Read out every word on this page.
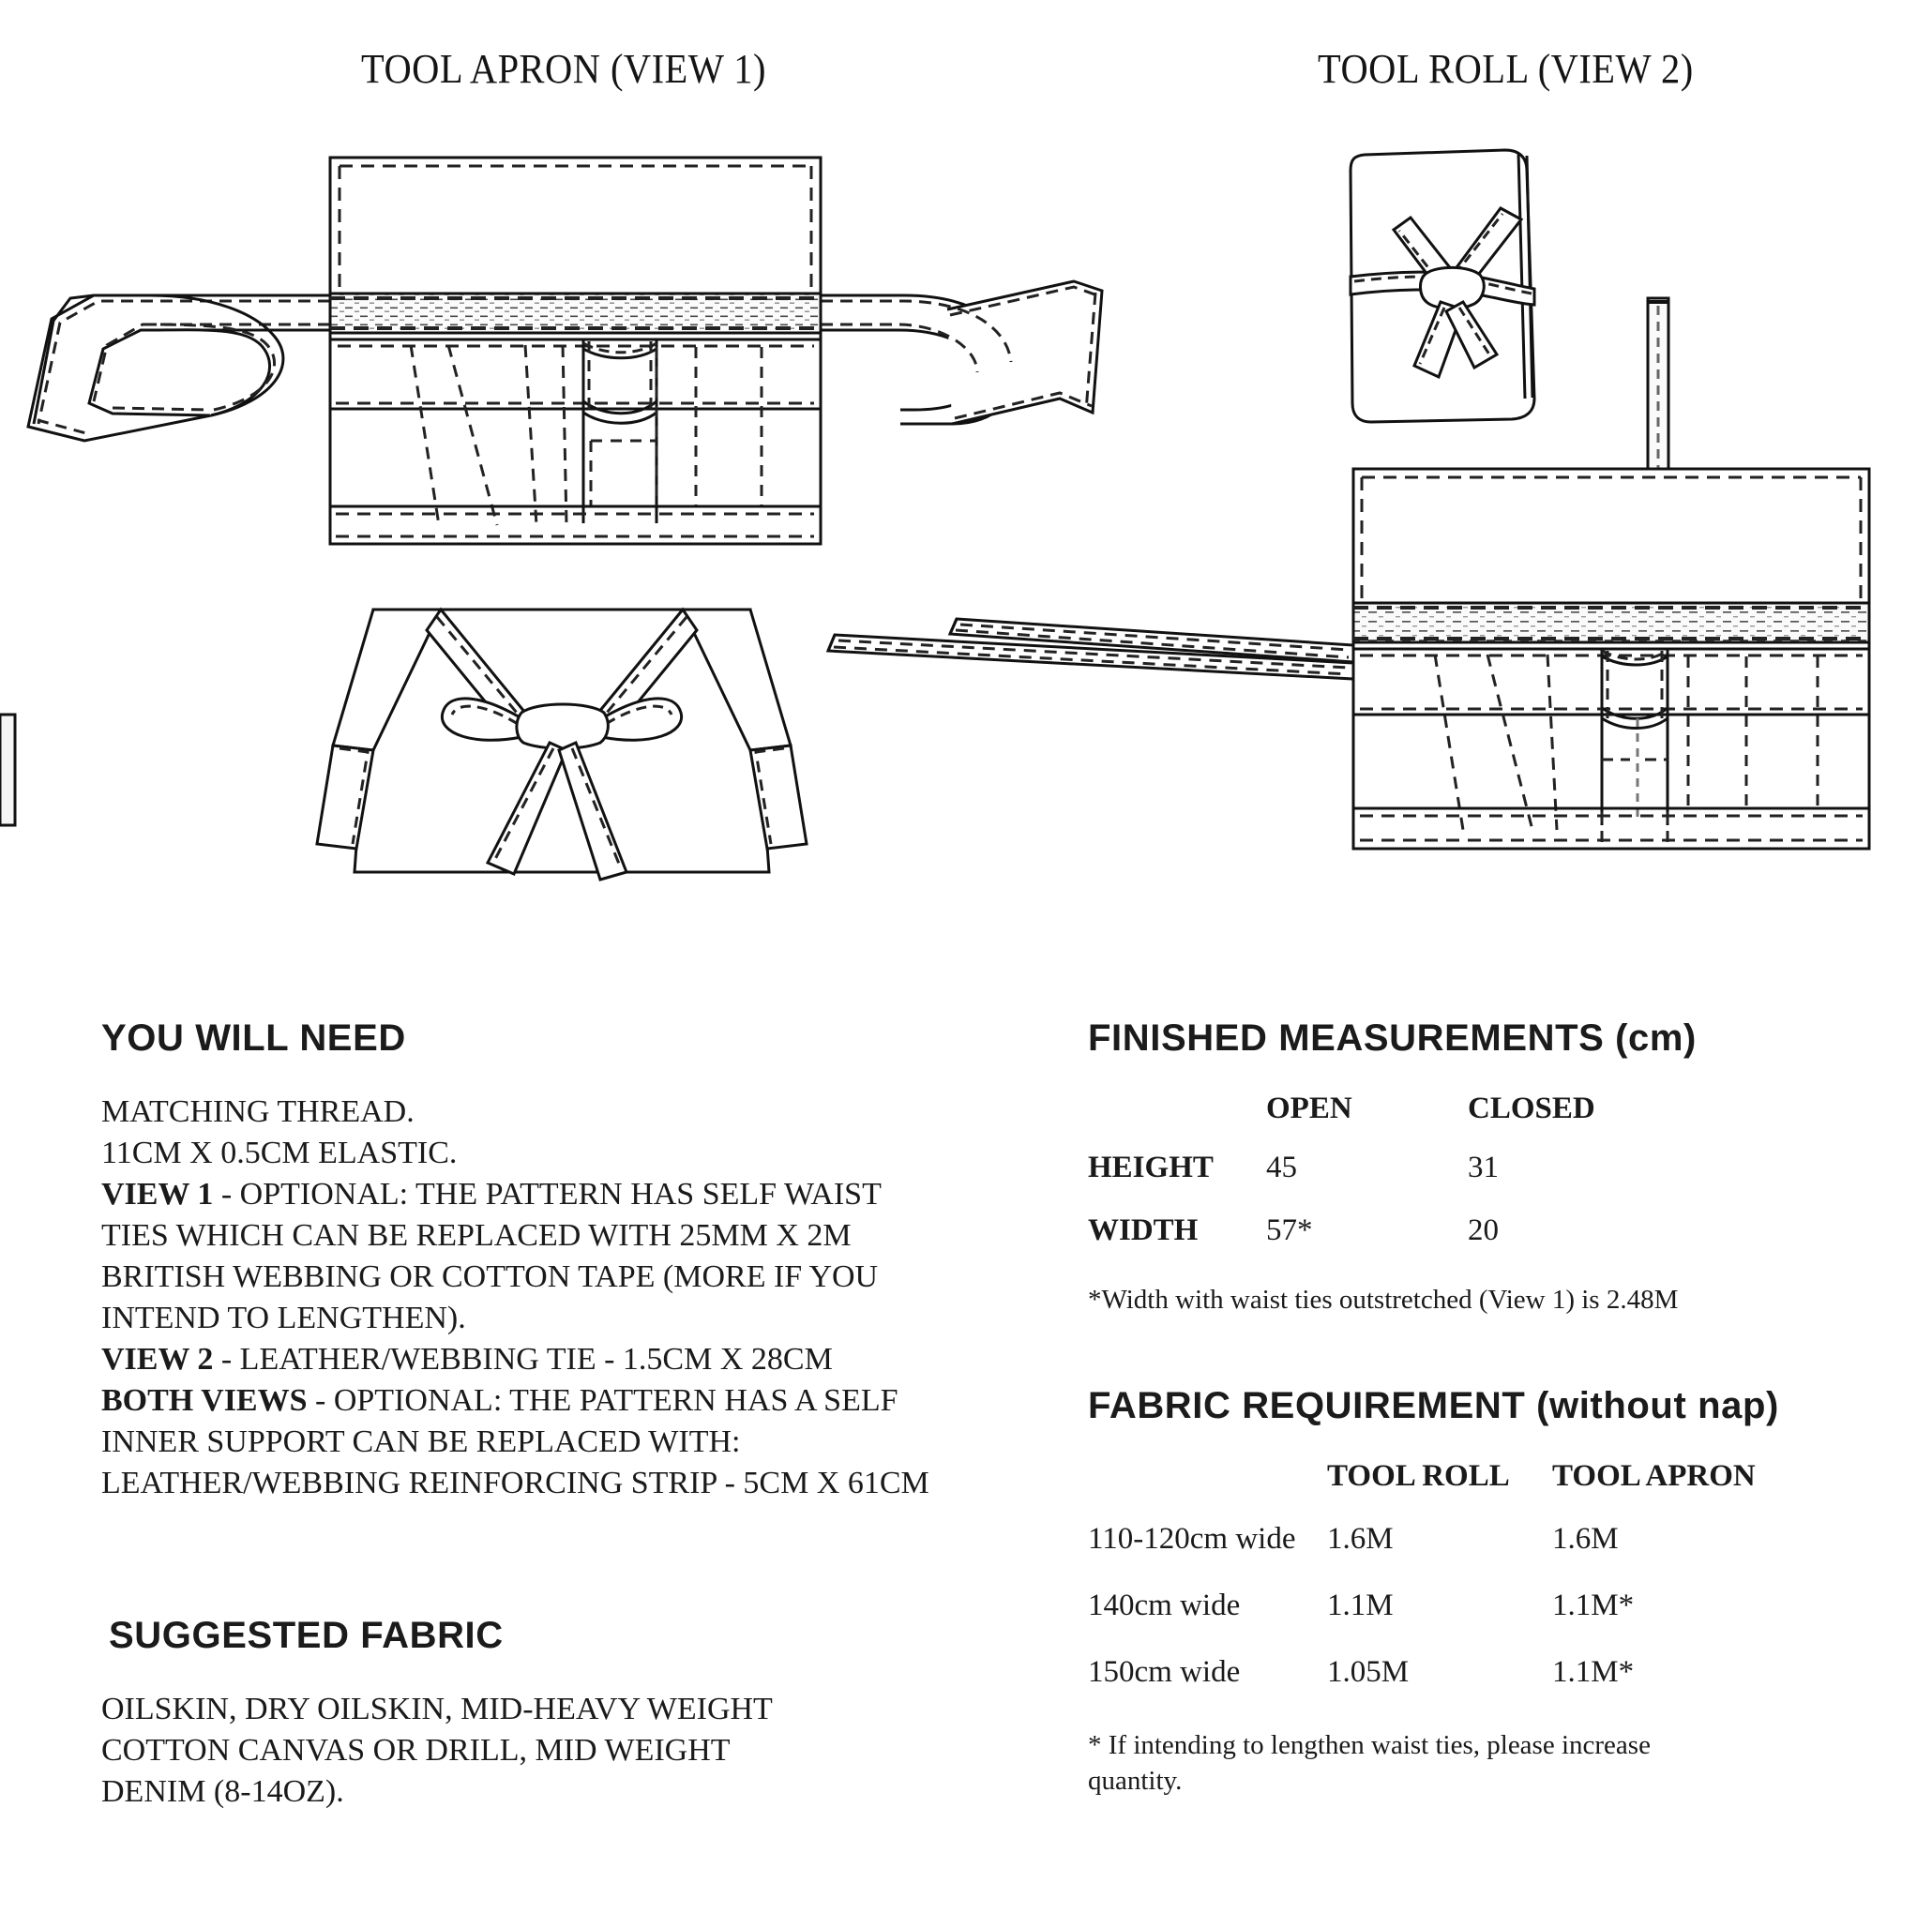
TOOL APRON (VIEW 1)	TOOL ROLL (VIEW 2)
YOU WILL NEED
MATCHING THREAD.
11CM X 0.5CM ELASTIC.
VIEW 1 - OPTIONAL: THE PATTERN HAS SELF WAIST
TIES WHICH CAN BE REPLACED WITH 25MM X 2M
BRITISH WEBBING OR COTTON TAPE (MORE IF YOU
INTEND TO LENGTHEN).
VIEW 2 - LEATHER/WEBBING TIE - 1.5CM X 28CM
BOTH VIEWS - OPTIONAL: THE PATTERN HAS A SELF
INNER SUPPORT CAN BE REPLACED WITH:
LEATHER/WEBBING REINFORCING STRIP - 5CM X 61CM
SUGGESTED FABRIC
OILSKIN, DRY OILSKIN, MID-HEAVY WEIGHT
COTTON CANVAS OR DRILL, MID WEIGHT
DENIM (8-14OZ).
FINISHED MEASUREMENTS (cm)
	OPEN	CLOSED
HEIGHT	45	31
WIDTH	57*	20
*Width with waist ties outstretched (View 1) is 2.48M
FABRIC REQUIREMENT (without nap)
	TOOL ROLL	TOOL APRON
110-120cm wide	1.6M	1.6M
140cm wide	1.1M	1.1M*
150cm wide	1.05M	1.1M*
* If intending to lengthen waist ties, please increase
quantity.
